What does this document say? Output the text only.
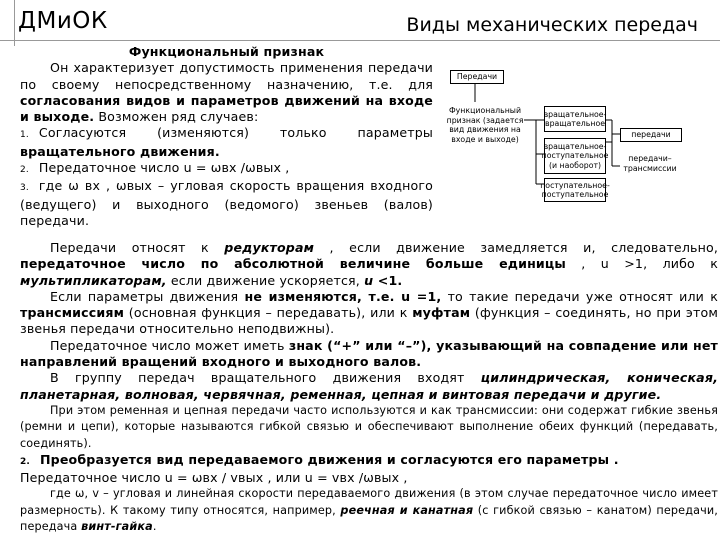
ДМиОК	Виды механических передач

Функциональный признак

Он характеризует допустимость применения передачи по своему непосредственному назначению, т.е. для согласования видов и параметров движений на входе и выходе. Возможен ряд случаев:

1. Согласуются (изменяются) только параметры вращательного движения.

2. Передаточное число u = ωвх /ωвых ,

3. где ω вх , ωвых – угловая скорость вращения входного (ведущего) и выходного (ведомого) звеньев (валов) передачи.

Передачи
Функциональный признак (задается вид движения на входе и выходе)
вращательное-вращательное
вращательное-поступательное (и наоборот)
поступательное-поступательное
передачи
передачи–трансмиссии

Передачи относят к редукторам , если движение замедляется и, следовательно, передаточное число по абсолютной величине больше единицы , u >1, либо к мультипликаторам, если движение ускоряется, u <1.

Если параметры движения не изменяются, т.е. u =1, то такие передачи уже относят или к трансмиссиям (основная функция – передавать), или к муфтам (функция – соединять, но при этом звенья передачи относительно неподвижны).

Передаточное число может иметь знак (“+” или “–”), указывающий на совпадение или нет направлений вращений входного и выходного валов.

В группу передач вращательного движения входят цилиндрическая, коническая, планетарная, волновая, червячная, ременная, цепная и винтовая передачи и другие.

При этом ременная и цепная передачи часто используются и как трансмиссии: они содержат гибкие звенья (ремни и цепи), которые называются гибкой связью и обеспечивают выполнение обеих функций (передавать, соединять).

2. Преобразуется вид передаваемого движения и согласуются его параметры .

Передаточное число u = ωвх / vвых , или u = vвх /ωвых ,

где ω, v – угловая и линейная скорости передаваемого движения (в этом случае передаточное число имеет размерность). К такому типу относятся, например, реечная и канатная (с гибкой связью – канатом) передачи, передача винт-гайка.
